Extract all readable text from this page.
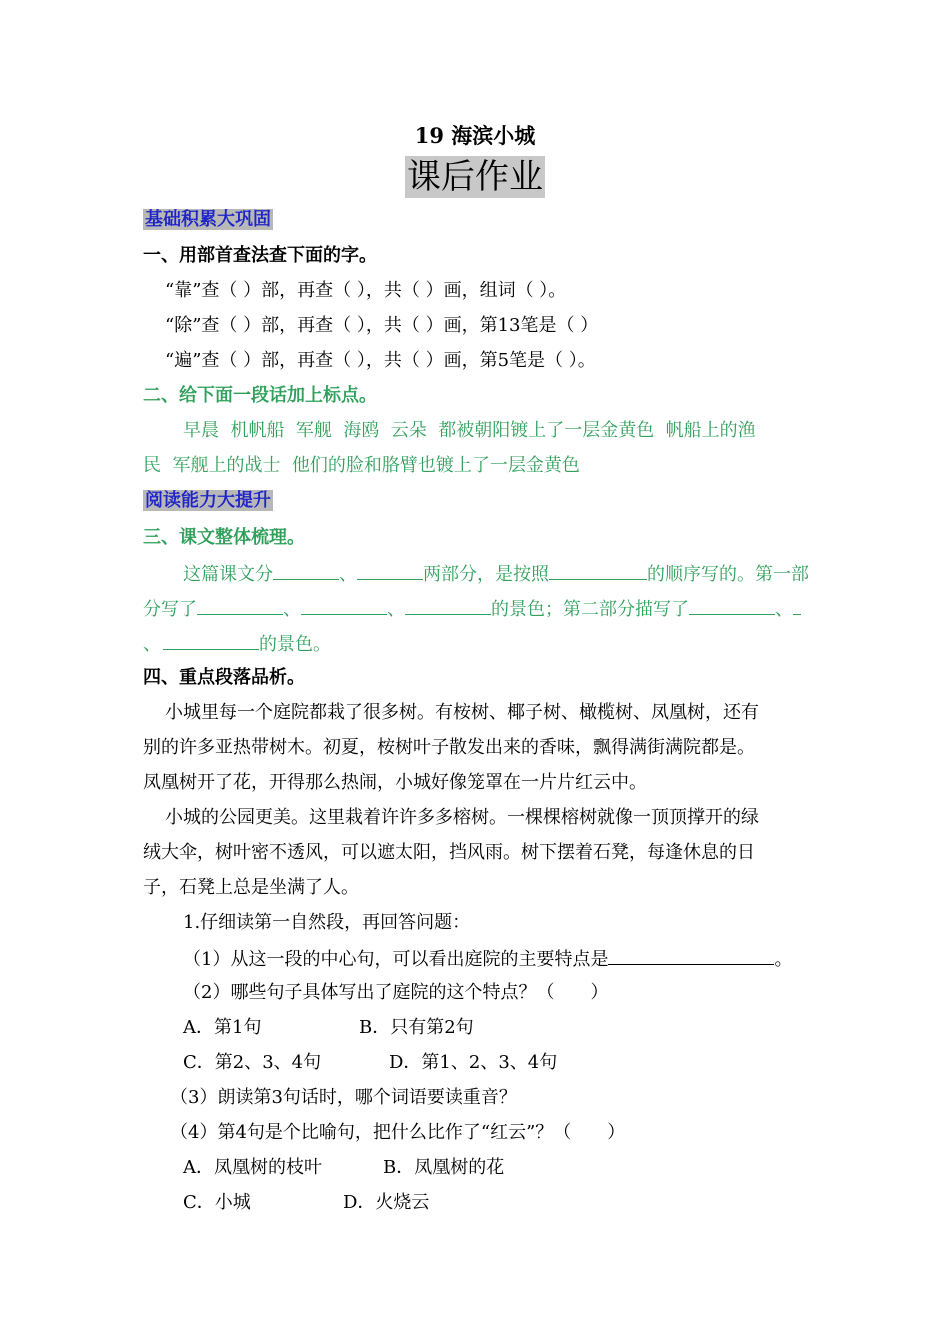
19 海滨小城
课后作业
基础积累大巩固
一、用部首查法查下面的字。
“靠”查（ ）部，再查（ ），共（ ）画，组词（ ）。
“除”查（ ）部，再查（ ），共（ ）画，第13笔是（ ）
“遍”查（ ）部，再查（ ），共（ ）画，第5笔是（ ）。
二、给下面一段话加上标点。
早晨  机帆船  军舰  海鸥  云朵  都被朝阳镀上了一层金黄色  帆船上的渔
民  军舰上的战士  他们的脸和胳臂也镀上了一层金黄色
阅读能力大提升
三、课文整体梳理。
这篇课文分	、	两部分，是按照	的顺序写的。第一部
分写了	、	、	的景色；第二部分描写了	、
、	的景色。
四、重点段落品析。
小城里每一个庭院都栽了很多树。有桉树、椰子树、橄榄树、凤凰树，还有
别的许多亚热带树木。初夏，桉树叶子散发出来的香味，飘得满街满院都是。
凤凰树开了花，开得那么热闹，小城好像笼罩在一片片红云中。
小城的公园更美。这里栽着许许多多榕树。一棵棵榕树就像一顶顶撑开的绿
绒大伞，树叶密不透风，可以遮太阳，挡风雨。树下摆着石凳，每逢休息的日
子，石凳上总是坐满了人。
1.仔细读第一自然段，再回答问题：
（1）从这一段的中心句，可以看出庭院的主要特点是	。
（2）哪些句子具体写出了庭院的这个特点？（　　）
A．第1句	B．只有第2句
C．第2、3、4句	D．第1、2、3、4句
（3）朗读第3句话时，哪个词语要读重音？
（4）第4句是个比喻句，把什么比作了“红云”？（　　）
A．凤凰树的枝叶	B．凤凰树的花
C．小城	D．火烧云
